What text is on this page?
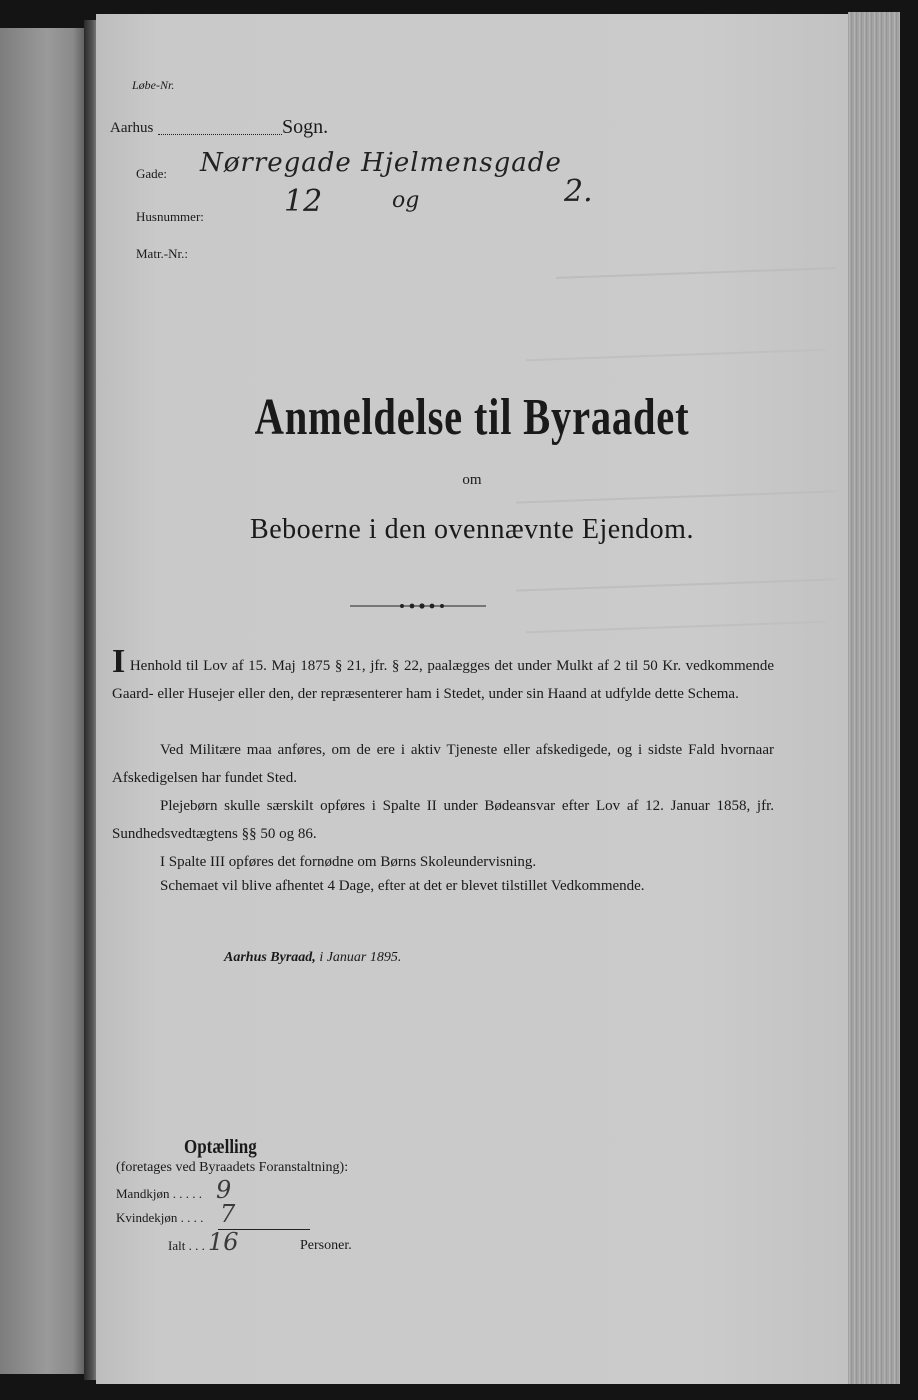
Løbe-Nr.
Aarhus	Sogn.
Gade: Nørregade Hjelmensgade
Husnummer:	12	og	2.
Matr.-Nr.:
Anmeldelse til Byraadet
om
Beboerne i den ovennævnte Ejendom.

I Henhold til Lov af 15. Maj 1875 § 21, jfr. § 22, paalægges det under Mulkt af 2 til 50 Kr. vedkommende Gaard- eller Husejer eller den, der repræsenterer ham i Stedet, under sin Haand at udfylde dette Schema.

Ved Militære maa anføres, om de ere i aktiv Tjeneste eller afskedigede, og i sidste Fald hvornaar Afskedigelsen har fundet Sted.

Plejebørn skulle særskilt opføres i Spalte II under Bødeansvar efter Lov af 12. Januar 1858, jfr. Sundhedsvedtægtens §§ 50 og 86.

I Spalte III opføres det fornødne om Børns Skoleundervisning.

Schemaet vil blive afhentet 4 Dage, efter at det er blevet tilstillet Vedkommende.

Aarhus Byraad, i Januar 1895.
Optælling
(foretages ved Byraadets Foranstaltning):
Mandkjøn . . . . . 9
Kvindekjøn . . . . 7
Ialt . . . 16	Personer.
